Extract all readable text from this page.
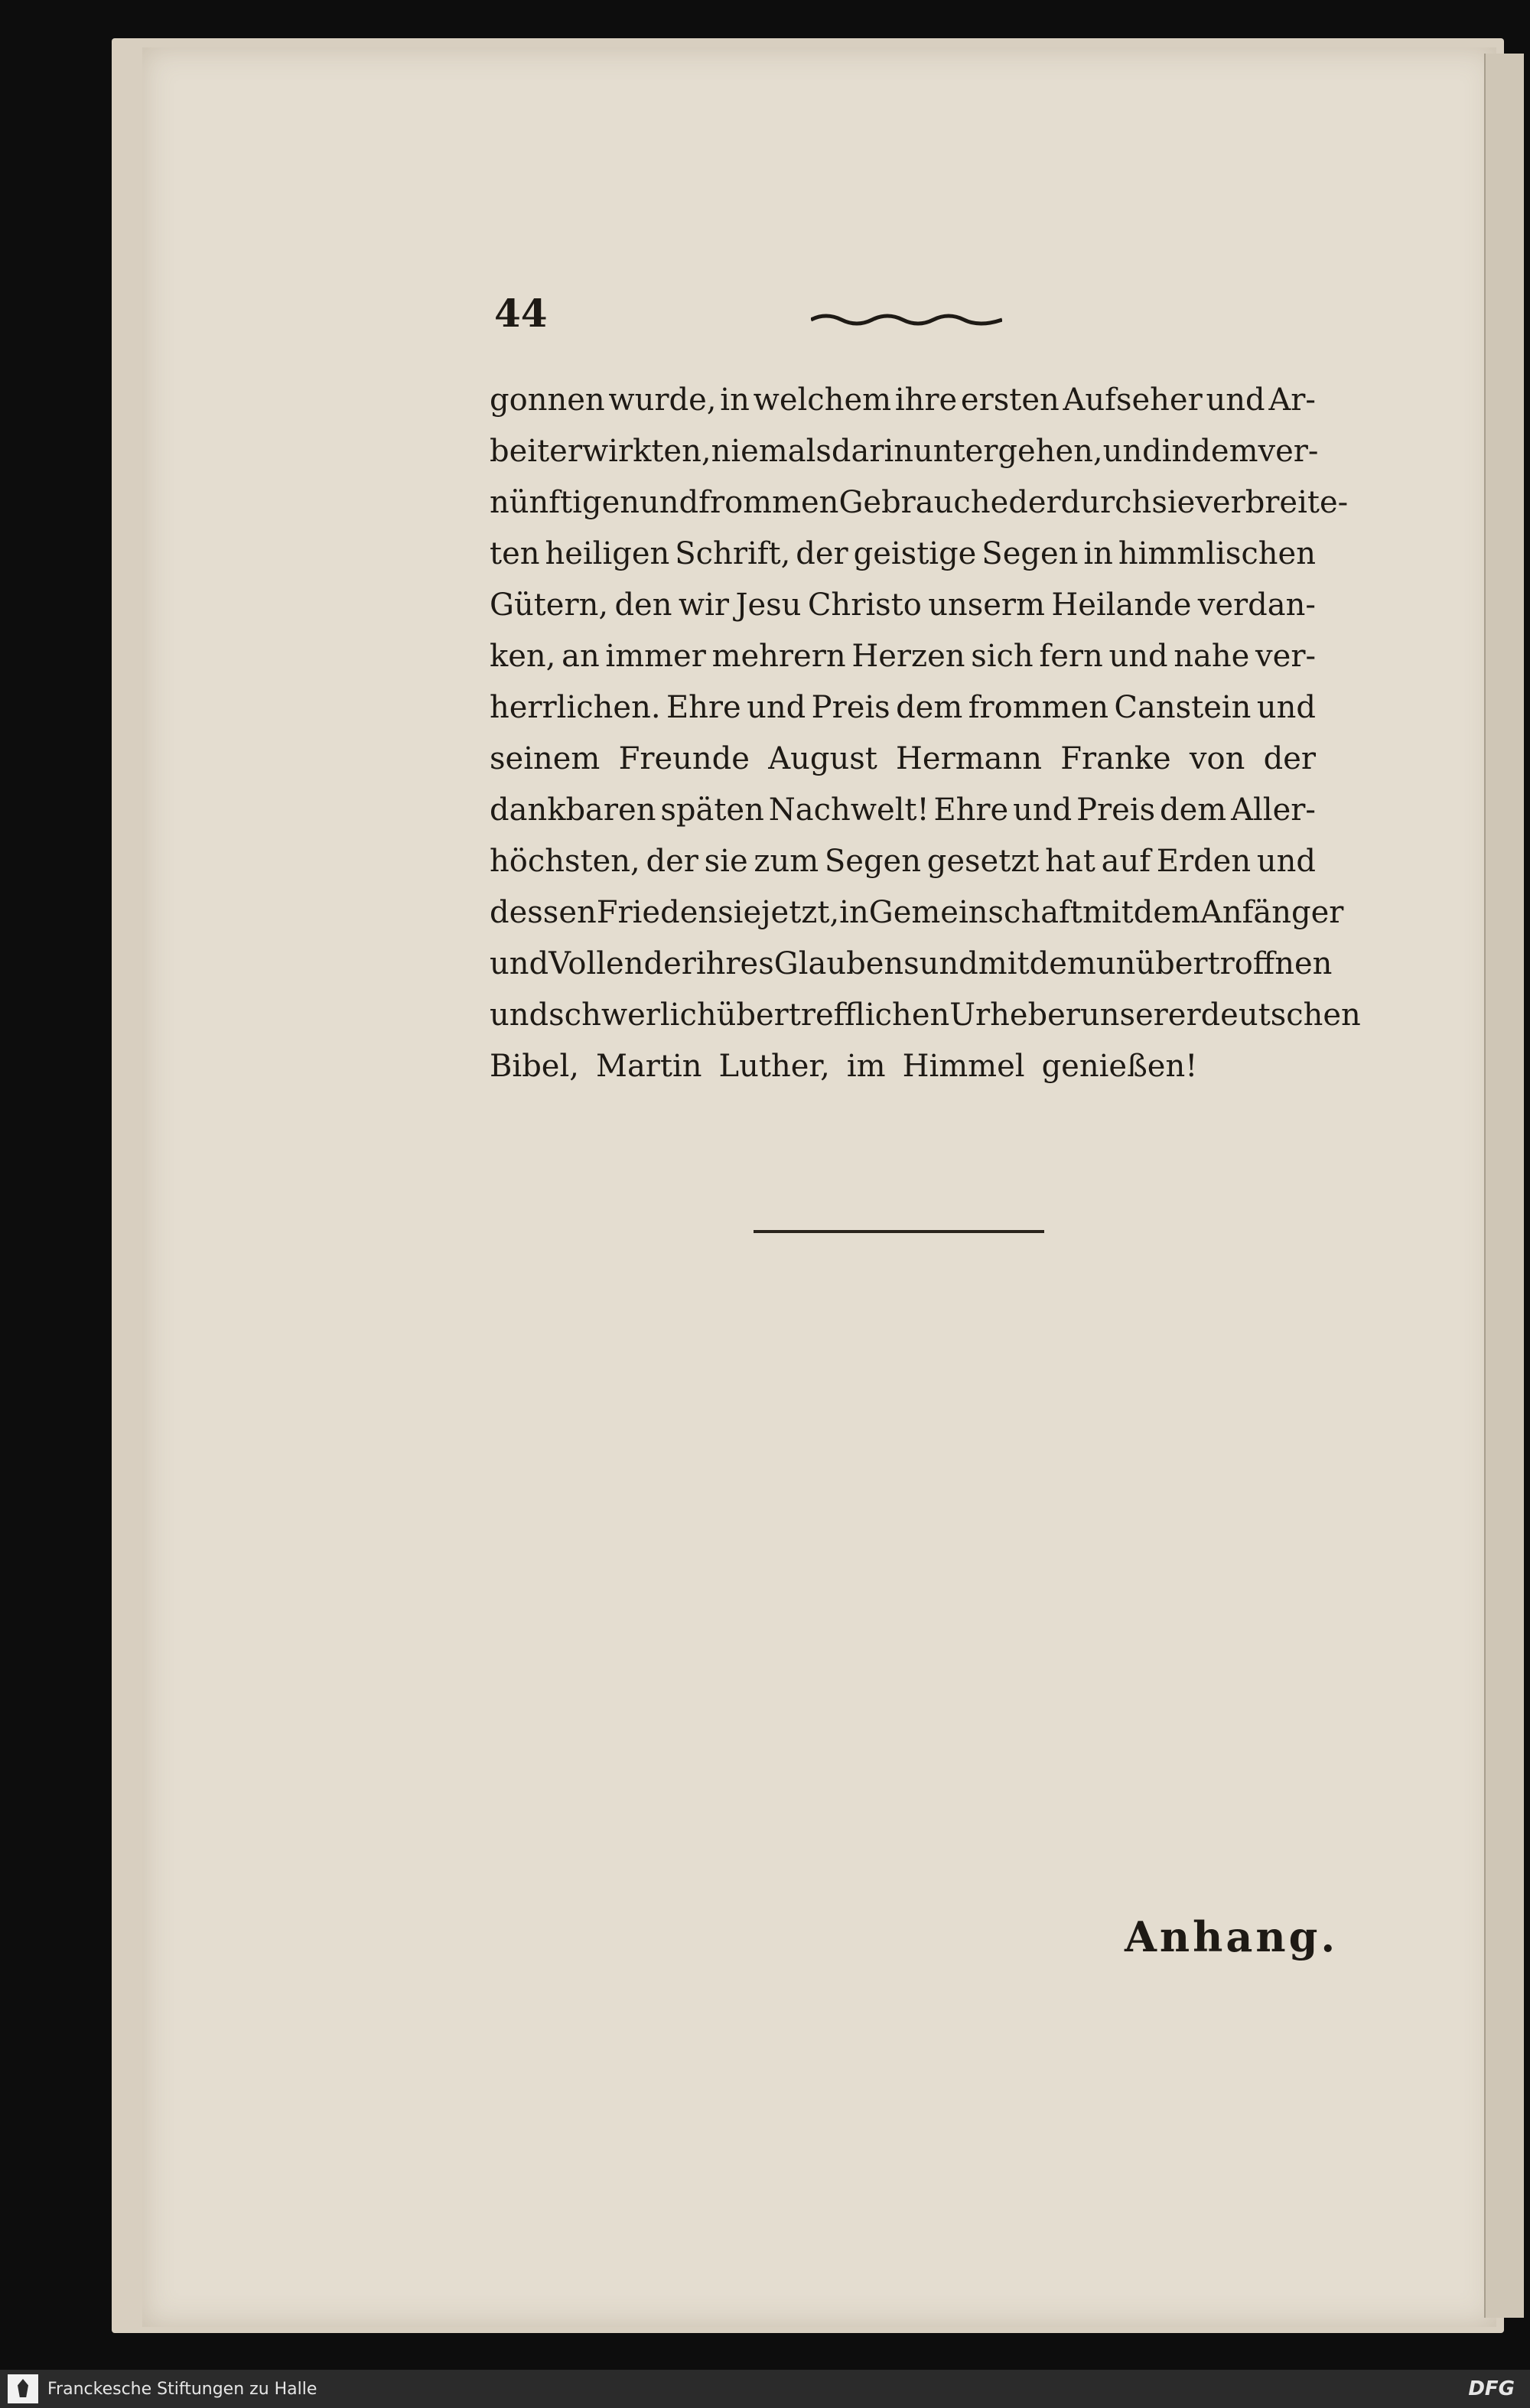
44
gonnen wurde, in welchem ihre ersten Aufseher und Ar-
beiter wirkten, niemals darin untergehen, und in dem ver-
nünftigen und frommen Gebrauche der durch sie verbreite-
ten heiligen Schrift, der geistige Segen in himmlischen
Gütern, den wir Jesu Christo unserm Heilande verdan-
ken, an immer mehrern Herzen sich fern und nahe ver-
herrlichen. Ehre und Preis dem frommen Canstein und
seinem Freunde August Hermann Franke von der
dankbaren späten Nachwelt! Ehre und Preis dem Aller-
höchsten, der sie zum Segen gesetzt hat auf Erden und
dessen Frieden sie jetzt, in Gemeinschaft mit dem Anfänger
und Vollender ihres Glaubens und mit dem unübertroffnen
und schwerlich übertrefflichen Urheber unserer deutschen
Bibel, Martin Luther, im Himmel genießen!
Anhang.
Franckesche Stiftungen zu Halle	DFG
